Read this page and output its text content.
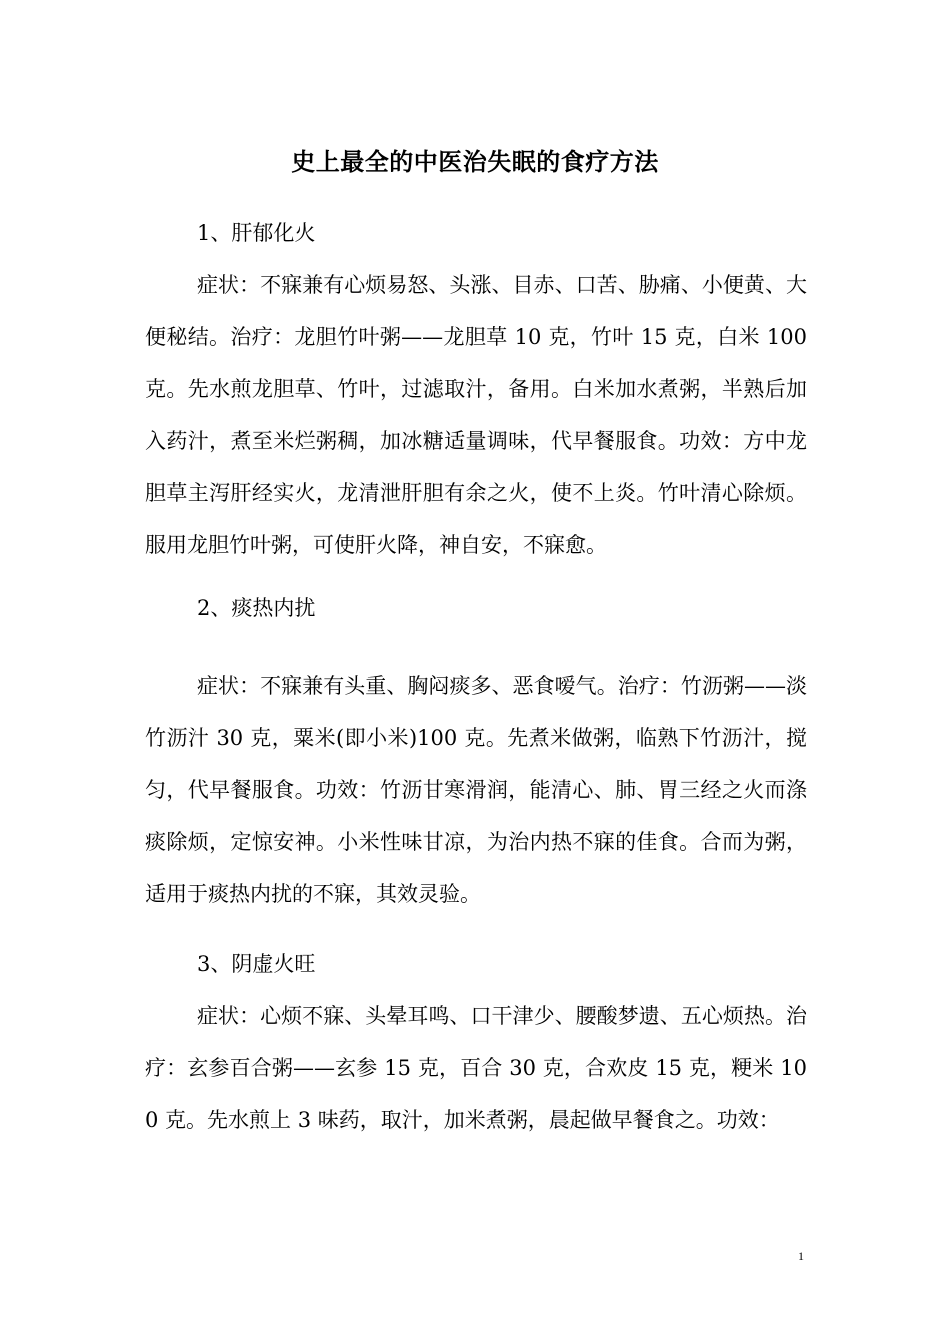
史上最全的中医治失眠的食疗方法

1、肝郁化火

症状：不寐兼有心烦易怒、头涨、目赤、口苦、胁痛、小便黄、大便秘结。治疗：龙胆竹叶粥——龙胆草 10 克，竹叶 15 克，白米 100 克。先水煎龙胆草、竹叶，过滤取汁，备用。白米加水煮粥，半熟后加入药汁，煮至米烂粥稠，加冰糖适量调味，代早餐服食。功效：方中龙胆草主泻肝经实火，龙清泄肝胆有余之火，使不上炎。竹叶清心除烦。服用龙胆竹叶粥，可使肝火降，神自安，不寐愈。

2、痰热内扰

症状：不寐兼有头重、胸闷痰多、恶食嗳气。治疗：竹沥粥——淡竹沥汁 30 克，粟米(即小米)100 克。先煮米做粥，临熟下竹沥汁，搅匀，代早餐服食。功效：竹沥甘寒滑润，能清心、肺、胃三经之火而涤痰除烦，定惊安神。小米性味甘凉，为治内热不寐的佳食。合而为粥，适用于痰热内扰的不寐，其效灵验。

3、阴虚火旺

症状：心烦不寐、头晕耳鸣、口干津少、腰酸梦遗、五心烦热。治疗：玄参百合粥——玄参 15 克，百合 30 克，合欢皮 15 克，粳米 100 克。先水煎上 3 味药，取汁，加米煮粥，晨起做早餐食之。功效：

1
